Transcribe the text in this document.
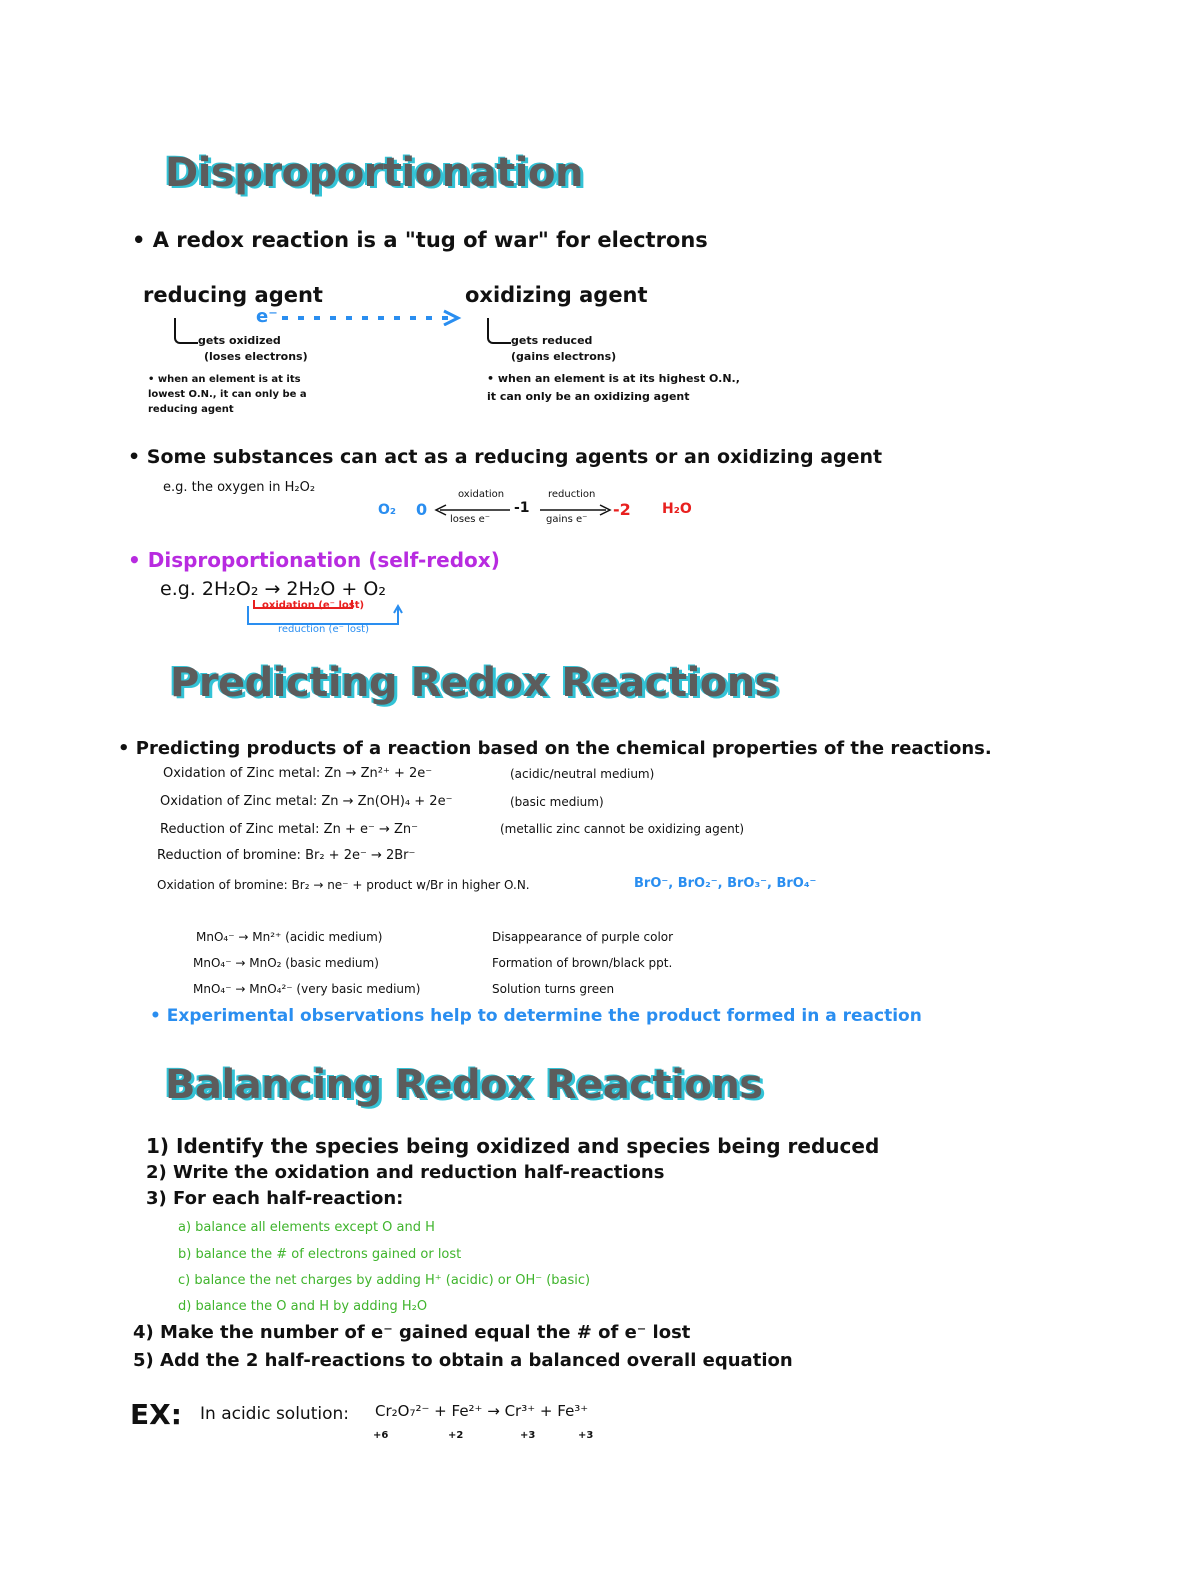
Disproportionation
• A redox reaction is a "tug of war" for electrons
reducing agent	oxidizing agent
e⁻
gets oxidized
(loses electrons)
• when an element is at its
lowest O.N., it can only be a
reducing agent
gets reduced
(gains electrons)
• when an element is at its highest O.N.,
it can only be an oxidizing agent
• Some substances can act as a reducing agents or an oxidizing agent
e.g. the oxygen in H₂O₂
O₂ 0
oxidation
loses e⁻
-1
reduction
gains e⁻
-2 H₂O
• Disproportionation (self-redox)
e.g. 2H₂O₂ → 2H₂O + O₂
oxidation (e⁻ lost)
reduction (e⁻ lost)
Predicting Redox Reactions
• Predicting products of a reaction based on the chemical properties of the reactions.
Oxidation of Zinc metal: Zn → Zn²⁺ + 2e⁻	(acidic/neutral medium)
Oxidation of Zinc metal: Zn → Zn(OH)₄ + 2e⁻	(basic medium)
Reduction of Zinc metal: Zn + e⁻ → Zn⁻	(metallic zinc cannot be oxidizing agent)
Reduction of bromine: Br₂ + 2e⁻ → 2Br⁻
Oxidation of bromine: Br₂ → ne⁻ + product w/Br in higher O.N.	BrO⁻, BrO₂⁻, BrO₃⁻, BrO₄⁻
MnO₄⁻ → Mn²⁺ (acidic medium)	Disappearance of purple color
MnO₄⁻ → MnO₂ (basic medium)	Formation of brown/black ppt.
MnO₄⁻ → MnO₄²⁻ (very basic medium)	Solution turns green
• Experimental observations help to determine the product formed in a reaction
Balancing Redox Reactions
1) Identify the species being oxidized and species being reduced
2) Write the oxidation and reduction half-reactions
3) For each half-reaction:
a) balance all elements except O and H
b) balance the # of electrons gained or lost
c) balance the net charges by adding H⁺ (acidic) or OH⁻ (basic)
d) balance the O and H by adding H₂O
4) Make the number of e⁻ gained equal the # of e⁻ lost
5) Add the 2 half-reactions to obtain a balanced overall equation
EX: In acidic solution: Cr₂O₇²⁻ + Fe²⁺ → Cr³⁺ + Fe³⁺
+6	+2	+3	+3
